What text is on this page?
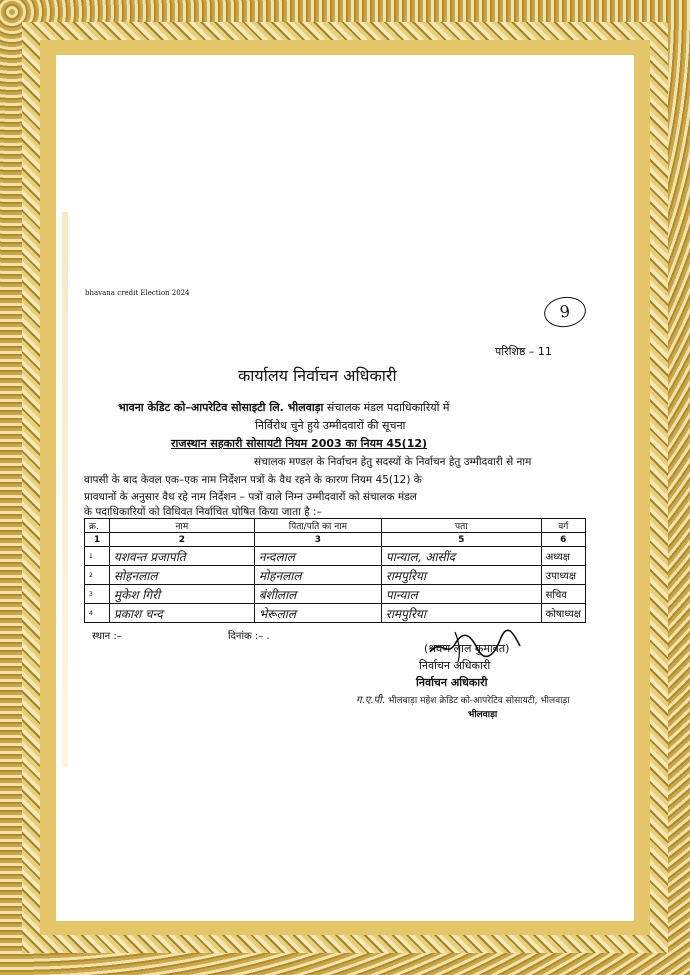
bhavana credit Election 2024
9
परिशिष्ठ – 11
कार्यालय निर्वाचन अधिकारी
भावना केडिट को–आपरेटिव सोसाइटी लि. भीलवाड़ा संचालक मंडल पदाधिकारियों में
निर्विरोध चुने हुये उम्मीदवारों की सूचना
राजस्थान सहकारी सोसायटी नियम 2003 का नियम 45(12)
संचालक मण्डल के निर्वाचन हेतु सदस्यों के निर्वाचन हेतु उम्मीदवारी से नाम
वापसी के बाद केवल एक–एक नाम निर्देशन पत्रों के वैध रहने के कारण नियम 45(12) के
प्रावधानों के अनुसार वैध रहे नाम निर्देशन – पत्रों वाले निम्न उम्मीदवारों को संचालक मंडल
के पदाधिकारियों को विधिवत निर्वाचित घोषित किया जाता है :–
क्र.	नाम	पिता/पति का नाम	पता	वर्ग
1	2	3	5	6
1	यशवन्त प्रजापति	नन्दलाल	पान्याल, आसींद	अध्यक्ष
2	सोहनलाल	मोहनलाल	रामपुरिया	उपाध्यक्ष
3	मुकेश गिरी	बंशीलाल	पान्याल	सचिव
4	प्रकाश चन्द	भेरूलाल	रामपुरिया	कोषाध्यक्ष
स्थान :–	दिनांक :– .
(श्रवण लाल कुमावत)
निर्वाचन अधिकारी
निर्वाचन अधिकारी
ग.ए.पी. भीलवाड़ा महेश क्रेडिट को-आपरेटिव सोसायटी, भीलवाड़ा
भीलवाड़ा
